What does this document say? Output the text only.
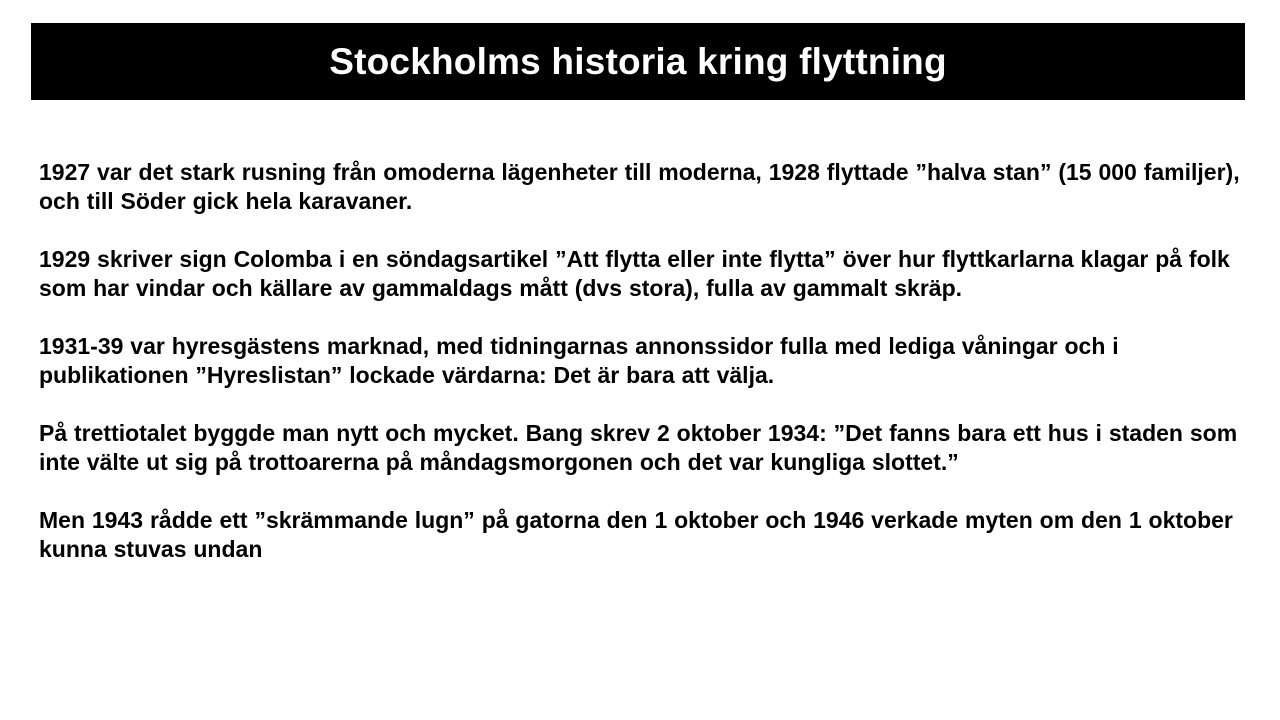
Stockholms historia kring flyttning

1927 var det stark rusning från omoderna lägenheter till moderna, 1928 flyttade ”halva stan” (15 000 familjer), och till Söder gick hela karavaner.

1929 skriver sign Colomba i en söndagsartikel ”Att flytta eller inte flytta” över hur flyttkarlarna klagar på folk som har vindar och källare av gammaldags mått (dvs stora), fulla av gammalt skräp.

1931-39 var hyresgästens marknad, med tidningarnas annonssidor fulla med lediga våningar och i publikationen ”Hyreslistan” lockade värdarna: Det är bara att välja.

På trettiotalet byggde man nytt och mycket. Bang skrev 2 oktober 1934: ”Det fanns bara ett hus i staden som inte välte ut sig på trottoarerna på måndagsmorgonen och det var kungliga slottet.”

Men 1943 rådde ett ”skrämmande lugn” på gatorna den 1 oktober och 1946 verkade myten om den 1 oktober kunna stuvas undan
